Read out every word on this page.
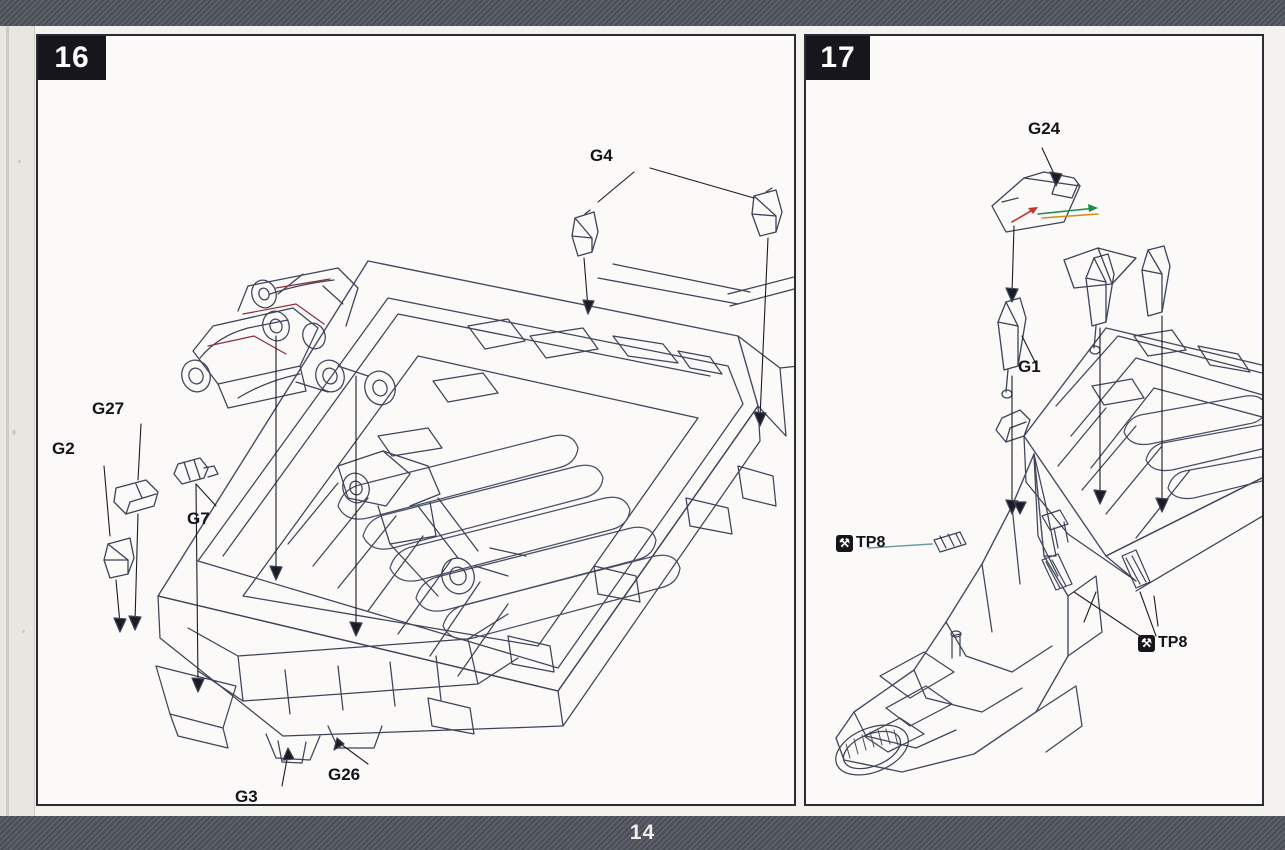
16
G4
G27
G2
G7
G26
G3
17
G24
G1
⚒ TP8
⚒ TP8
14
